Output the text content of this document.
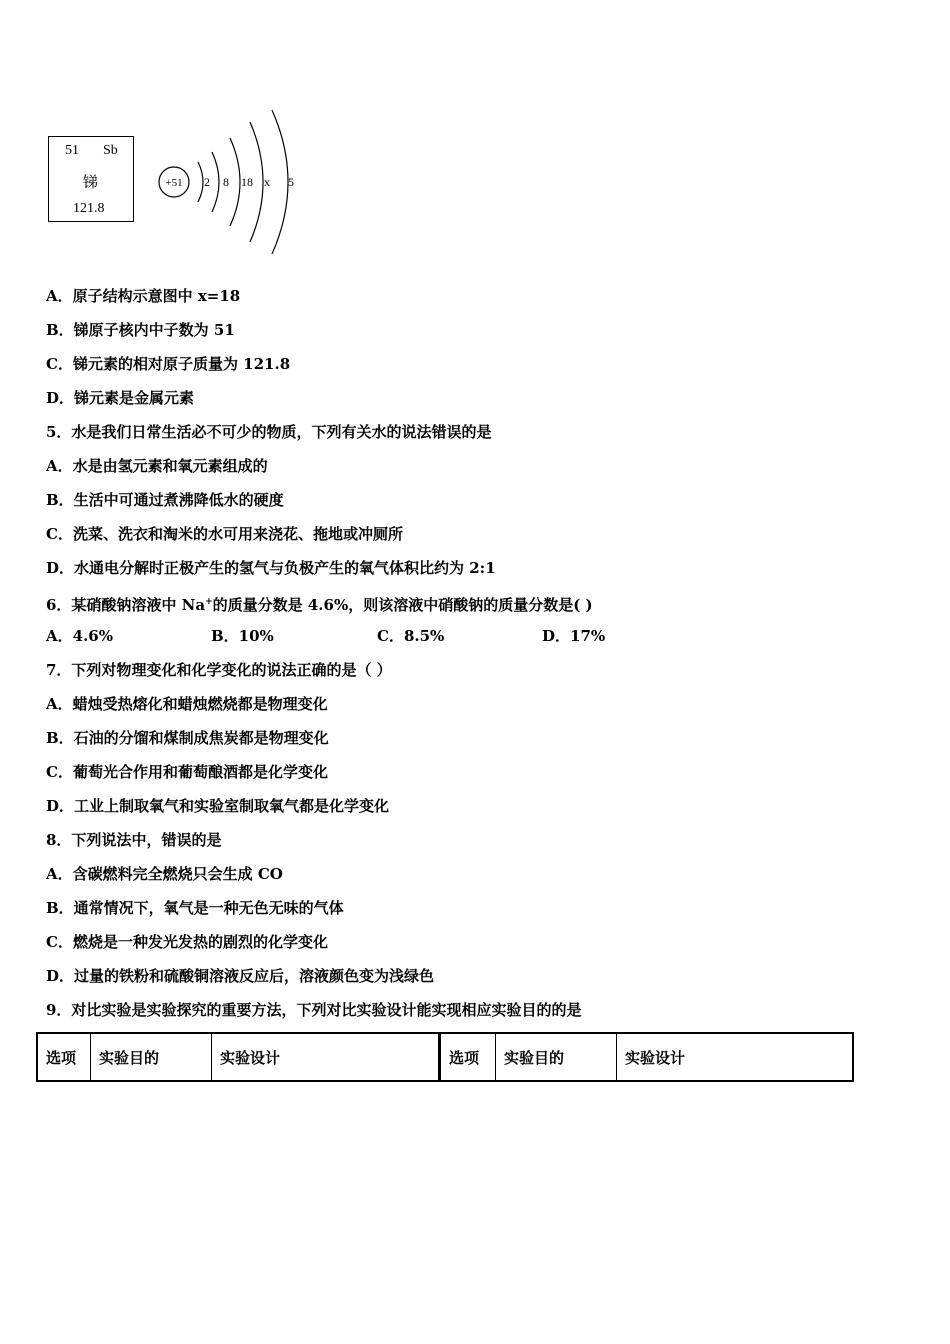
51 Sb
锑
121.8
+51 2 8 18 x 5
A．原子结构示意图中 x=18
B．锑原子核内中子数为 51
C．锑元素的相对原子质量为 121.8
D．锑元素是金属元素
5．水是我们日常生活必不可少的物质，下列有关水的说法错误的是
A．水是由氢元素和氧元素组成的
B．生活中可通过煮沸降低水的硬度
C．洗菜、洗衣和淘米的水可用来浇花、拖地或冲厕所
D．水通电分解时正极产生的氢气与负极产生的氧气体积比约为 2:1
6．某硝酸钠溶液中 Na+的质量分数是 4.6%，则该溶液中硝酸钠的质量分数是( )
A．4.6%	B．10%	C．8.5%	D．17%
7．下列对物理变化和化学变化的说法正确的是（ ）
A．蜡烛受热熔化和蜡烛燃烧都是物理变化
B．石油的分馏和煤制成焦炭都是物理变化
C．葡萄光合作用和葡萄酿酒都是化学变化
D．工业上制取氧气和实验室制取氧气都是化学变化
8．下列说法中，错误的是
A．含碳燃料完全燃烧只会生成 CO
B．通常情况下，氧气是一种无色无味的气体
C．燃烧是一种发光发热的剧烈的化学变化
D．过量的铁粉和硫酸铜溶液反应后，溶液颜色变为浅绿色
9．对比实验是实验探究的重要方法，下列对比实验设计能实现相应实验目的的是
选项	实验目的	实验设计	选项	实验目的	实验设计
